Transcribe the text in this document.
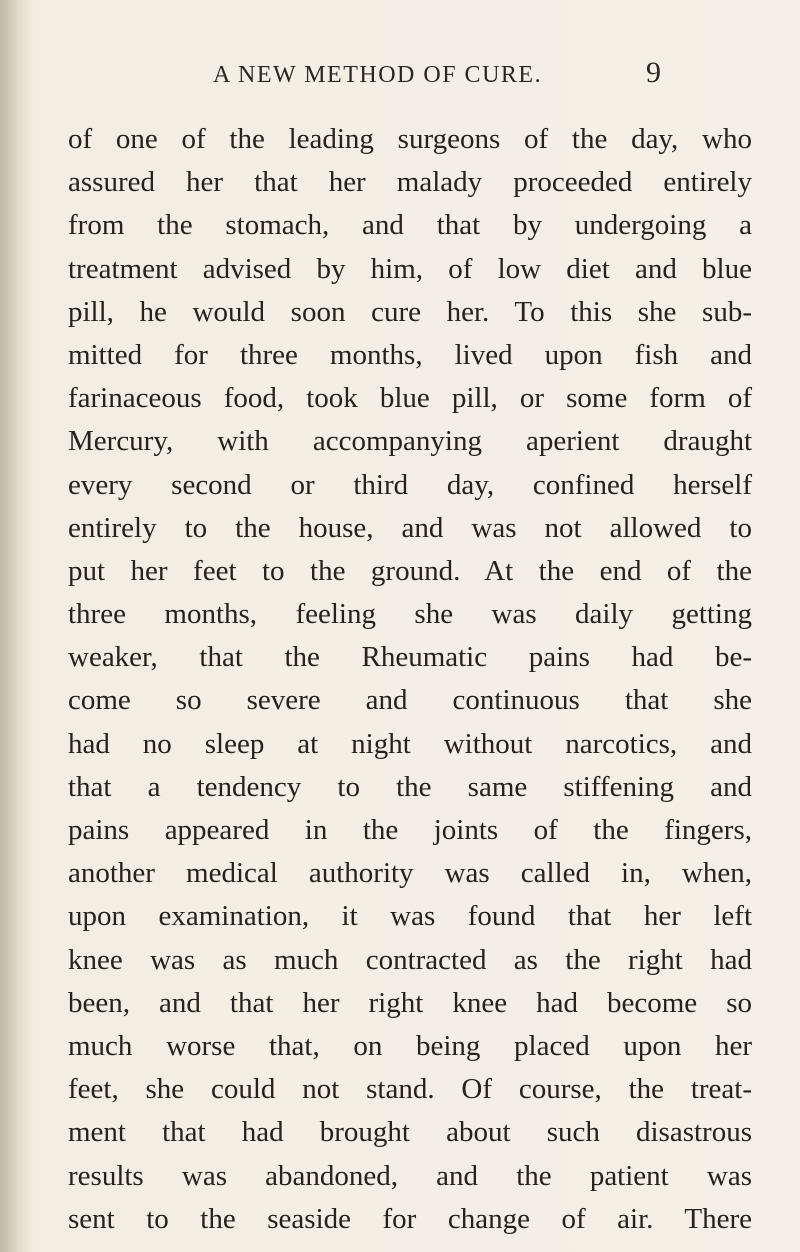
A NEW METHOD OF CURE.	9
of one of the leading surgeons of the day, who
assured her that her malady proceeded entirely
from the stomach, and that by undergoing a
treatment advised by him, of low diet and blue
pill, he would soon cure her. To this she sub-
mitted for three months, lived upon fish and
farinaceous food, took blue pill, or some form of
Mercury, with accompanying aperient draught
every second or third day, confined herself
entirely to the house, and was not allowed to
put her feet to the ground. At the end of the
three months, feeling she was daily getting
weaker, that the Rheumatic pains had be-
come so severe and continuous that she
had no sleep at night without narcotics, and
that a tendency to the same stiffening and
pains appeared in the joints of the fingers,
another medical authority was called in, when,
upon examination, it was found that her left
knee was as much contracted as the right had
been, and that her right knee had become so
much worse that, on being placed upon her
feet, she could not stand. Of course, the treat-
ment that had brought about such disastrous
results was abandoned, and the patient was
sent to the seaside for change of air. There
